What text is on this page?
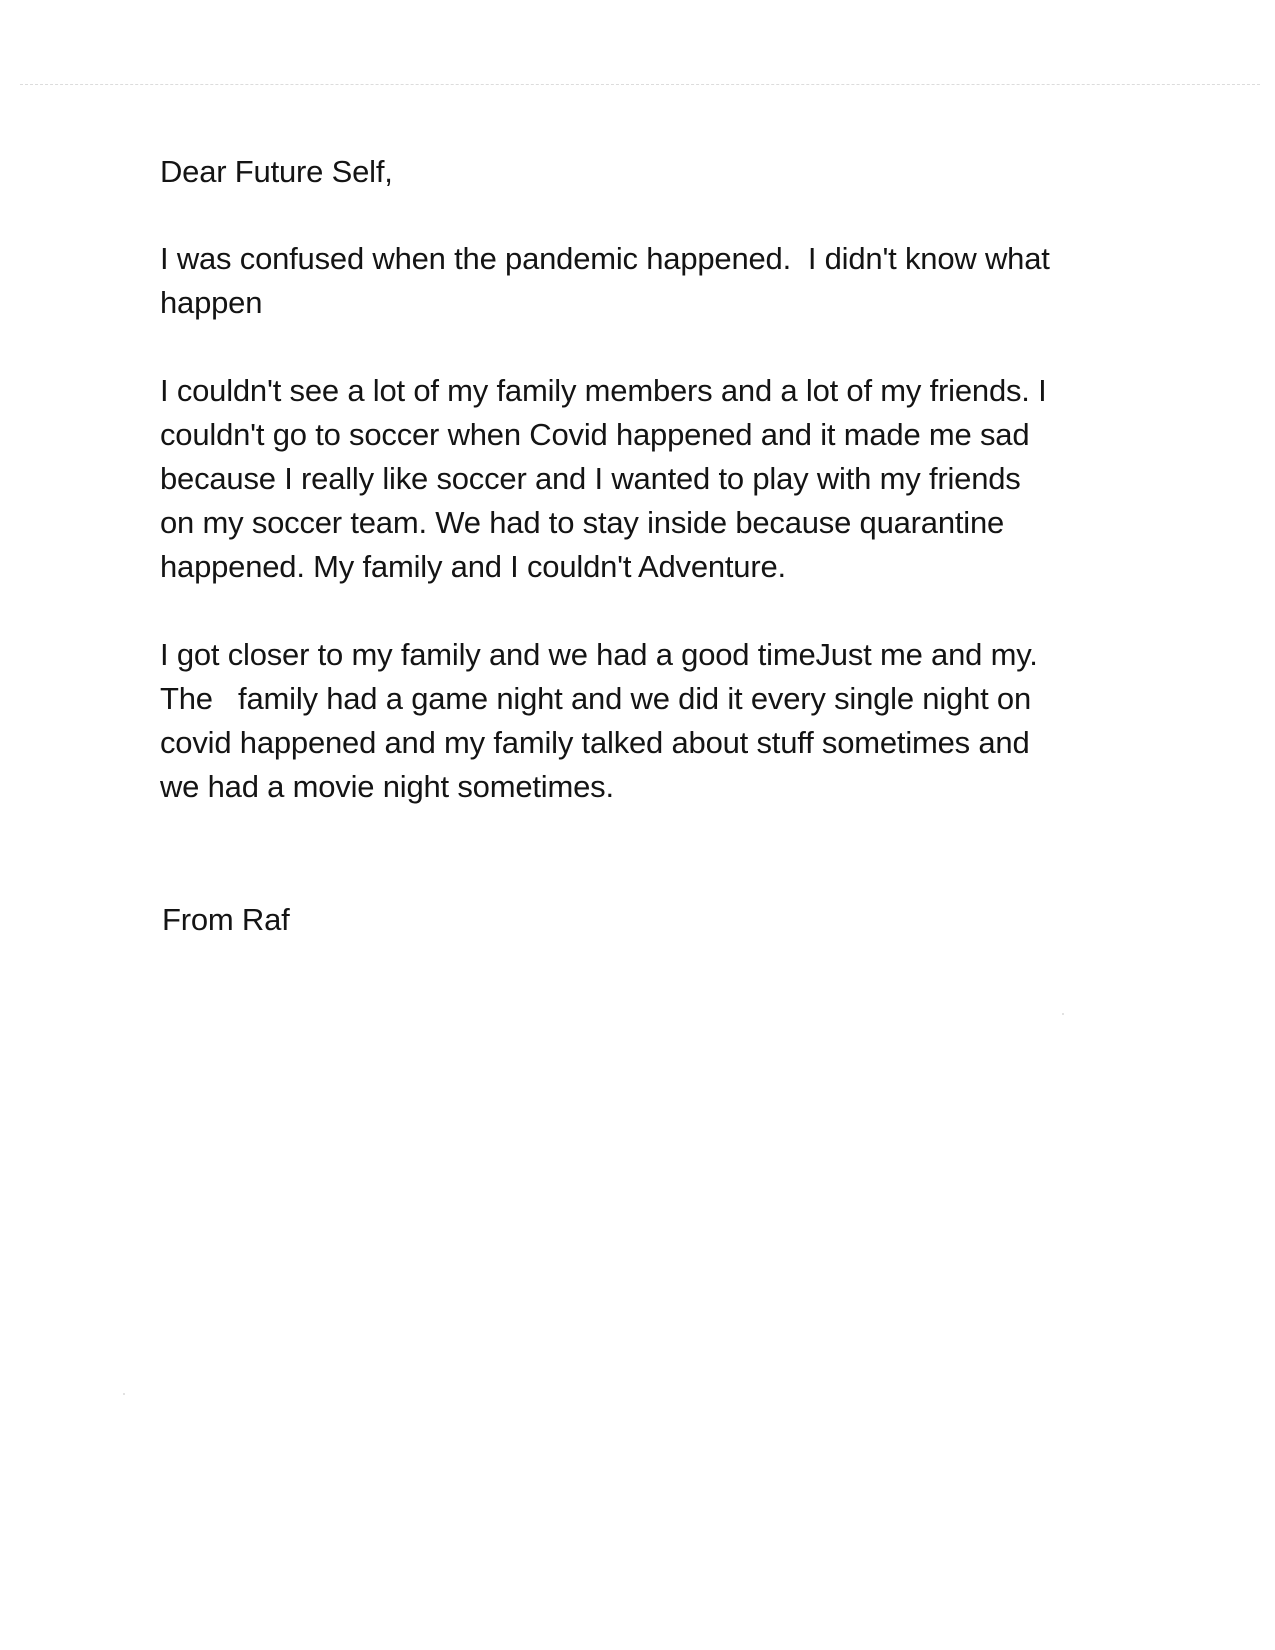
Dear Future Self,

I was confused when the pandemic happened.  I didn't know what
happen

I couldn't see a lot of my family members and a lot of my friends. I
couldn't go to soccer when Covid happened and it made me sad
because I really like soccer and I wanted to play with my friends
on my soccer team. We had to stay inside because quarantine
happened. My family and I couldn't Adventure.

I got closer to my family and we had a good timeJust me and my.
The   family had a game night and we did it every single night on
covid happened and my family talked about stuff sometimes and
we had a movie night sometimes.

From Raf
